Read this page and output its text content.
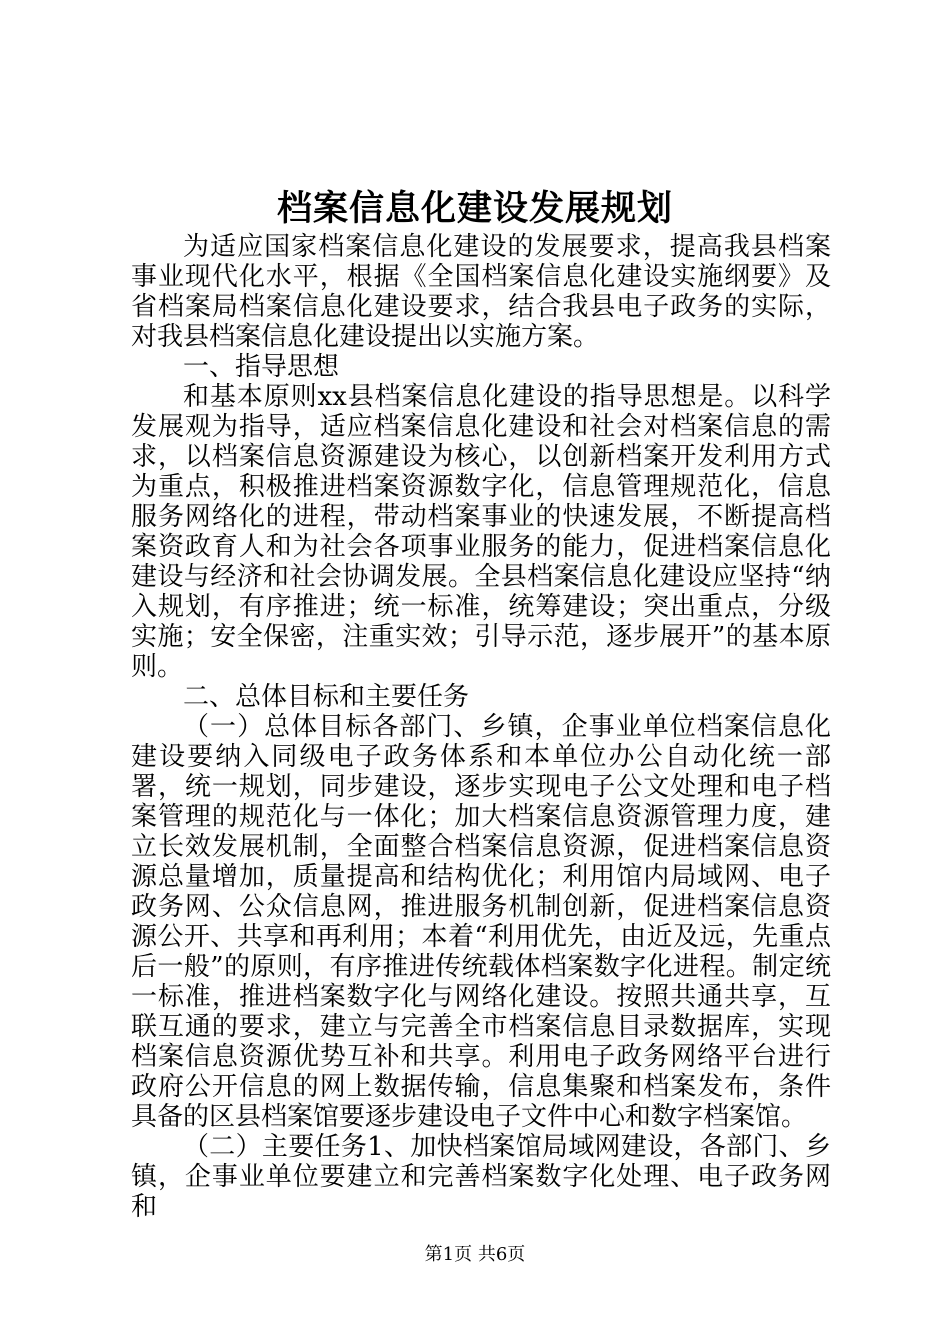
档案信息化建设发展规划

为适应国家档案信息化建设的发展要求，提高我县档案事业现代化水平，根据《全国档案信息化建设实施纲要》及省档案局档案信息化建设要求，结合我县电子政务的实际，对我县档案信息化建设提出以实施方案。

一、指导思想

和基本原则xx县档案信息化建设的指导思想是。以科学发展观为指导，适应档案信息化建设和社会对档案信息的需求，以档案信息资源建设为核心，以创新档案开发利用方式为重点，积极推进档案资源数字化，信息管理规范化，信息服务网络化的进程，带动档案事业的快速发展，不断提高档案资政育人和为社会各项事业服务的能力，促进档案信息化建设与经济和社会协调发展。全县档案信息化建设应坚持“纳入规划，有序推进；统一标准，统筹建设；突出重点，分级实施；安全保密，注重实效；引导示范，逐步展开”的基本原则。

二、总体目标和主要任务

（一）总体目标各部门、乡镇，企事业单位档案信息化建设要纳入同级电子政务体系和本单位办公自动化统一部署，统一规划，同步建设，逐步实现电子公文处理和电子档案管理的规范化与一体化；加大档案信息资源管理力度，建立长效发展机制，全面整合档案信息资源，促进档案信息资源总量增加，质量提高和结构优化；利用馆内局域网、电子政务网、公众信息网，推进服务机制创新，促进档案信息资源公开、共享和再利用；本着“利用优先，由近及远，先重点后一般”的原则，有序推进传统载体档案数字化进程。制定统一标准，推进档案数字化与网络化建设。按照共通共享，互联互通的要求，建立与完善全市档案信息目录数据库，实现档案信息资源优势互补和共享。利用电子政务网络平台进行政府公开信息的网上数据传输，信息集聚和档案发布，条件具备的区县档案馆要逐步建设电子文件中心和数字档案馆。

（二）主要任务1、加快档案馆局域网建设，各部门、乡镇，企事业单位要建立和完善档案数字化处理、电子政务网和

第1页 共6页
